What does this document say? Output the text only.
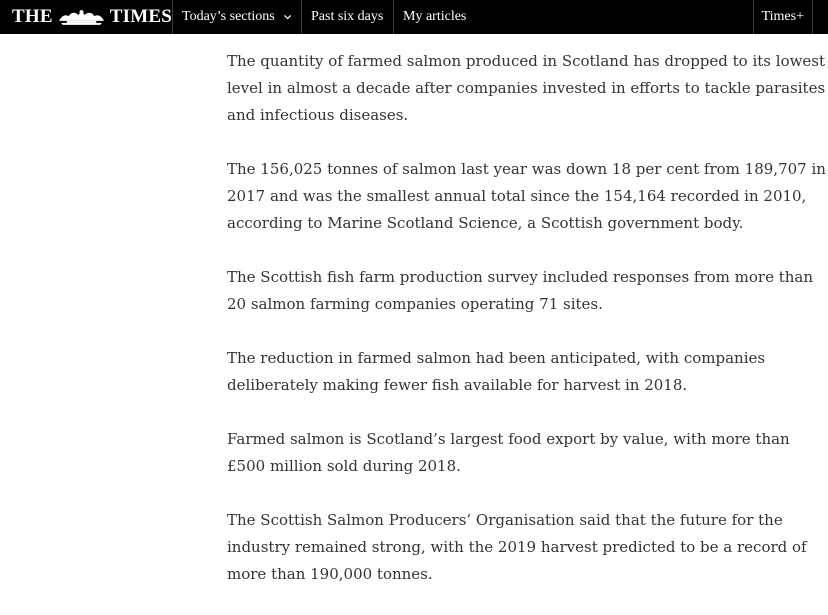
THE	TIMES Today’s sections	Past six days My articles	Times+

The quantity of farmed salmon produced in Scotland has dropped to its lowest level in almost a decade after companies invested in efforts to tackle parasites and infectious diseases.

The 156,025 tonnes of salmon last year was down 18 per cent from 189,707 in 2017 and was the smallest annual total since the 154,164 recorded in 2010, according to Marine Scotland Science, a Scottish government body.

The Scottish fish farm production survey included responses from more than 20 salmon farming companies operating 71 sites.

The reduction in farmed salmon had been anticipated, with companies deliberately making fewer fish available for harvest in 2018.

Farmed salmon is Scotland’s largest food export by value, with more than £500 million sold during 2018.

The Scottish Salmon Producers’ Organisation said that the future for the industry remained strong, with the 2019 harvest predicted to be a record of more than 190,000 tonnes.
